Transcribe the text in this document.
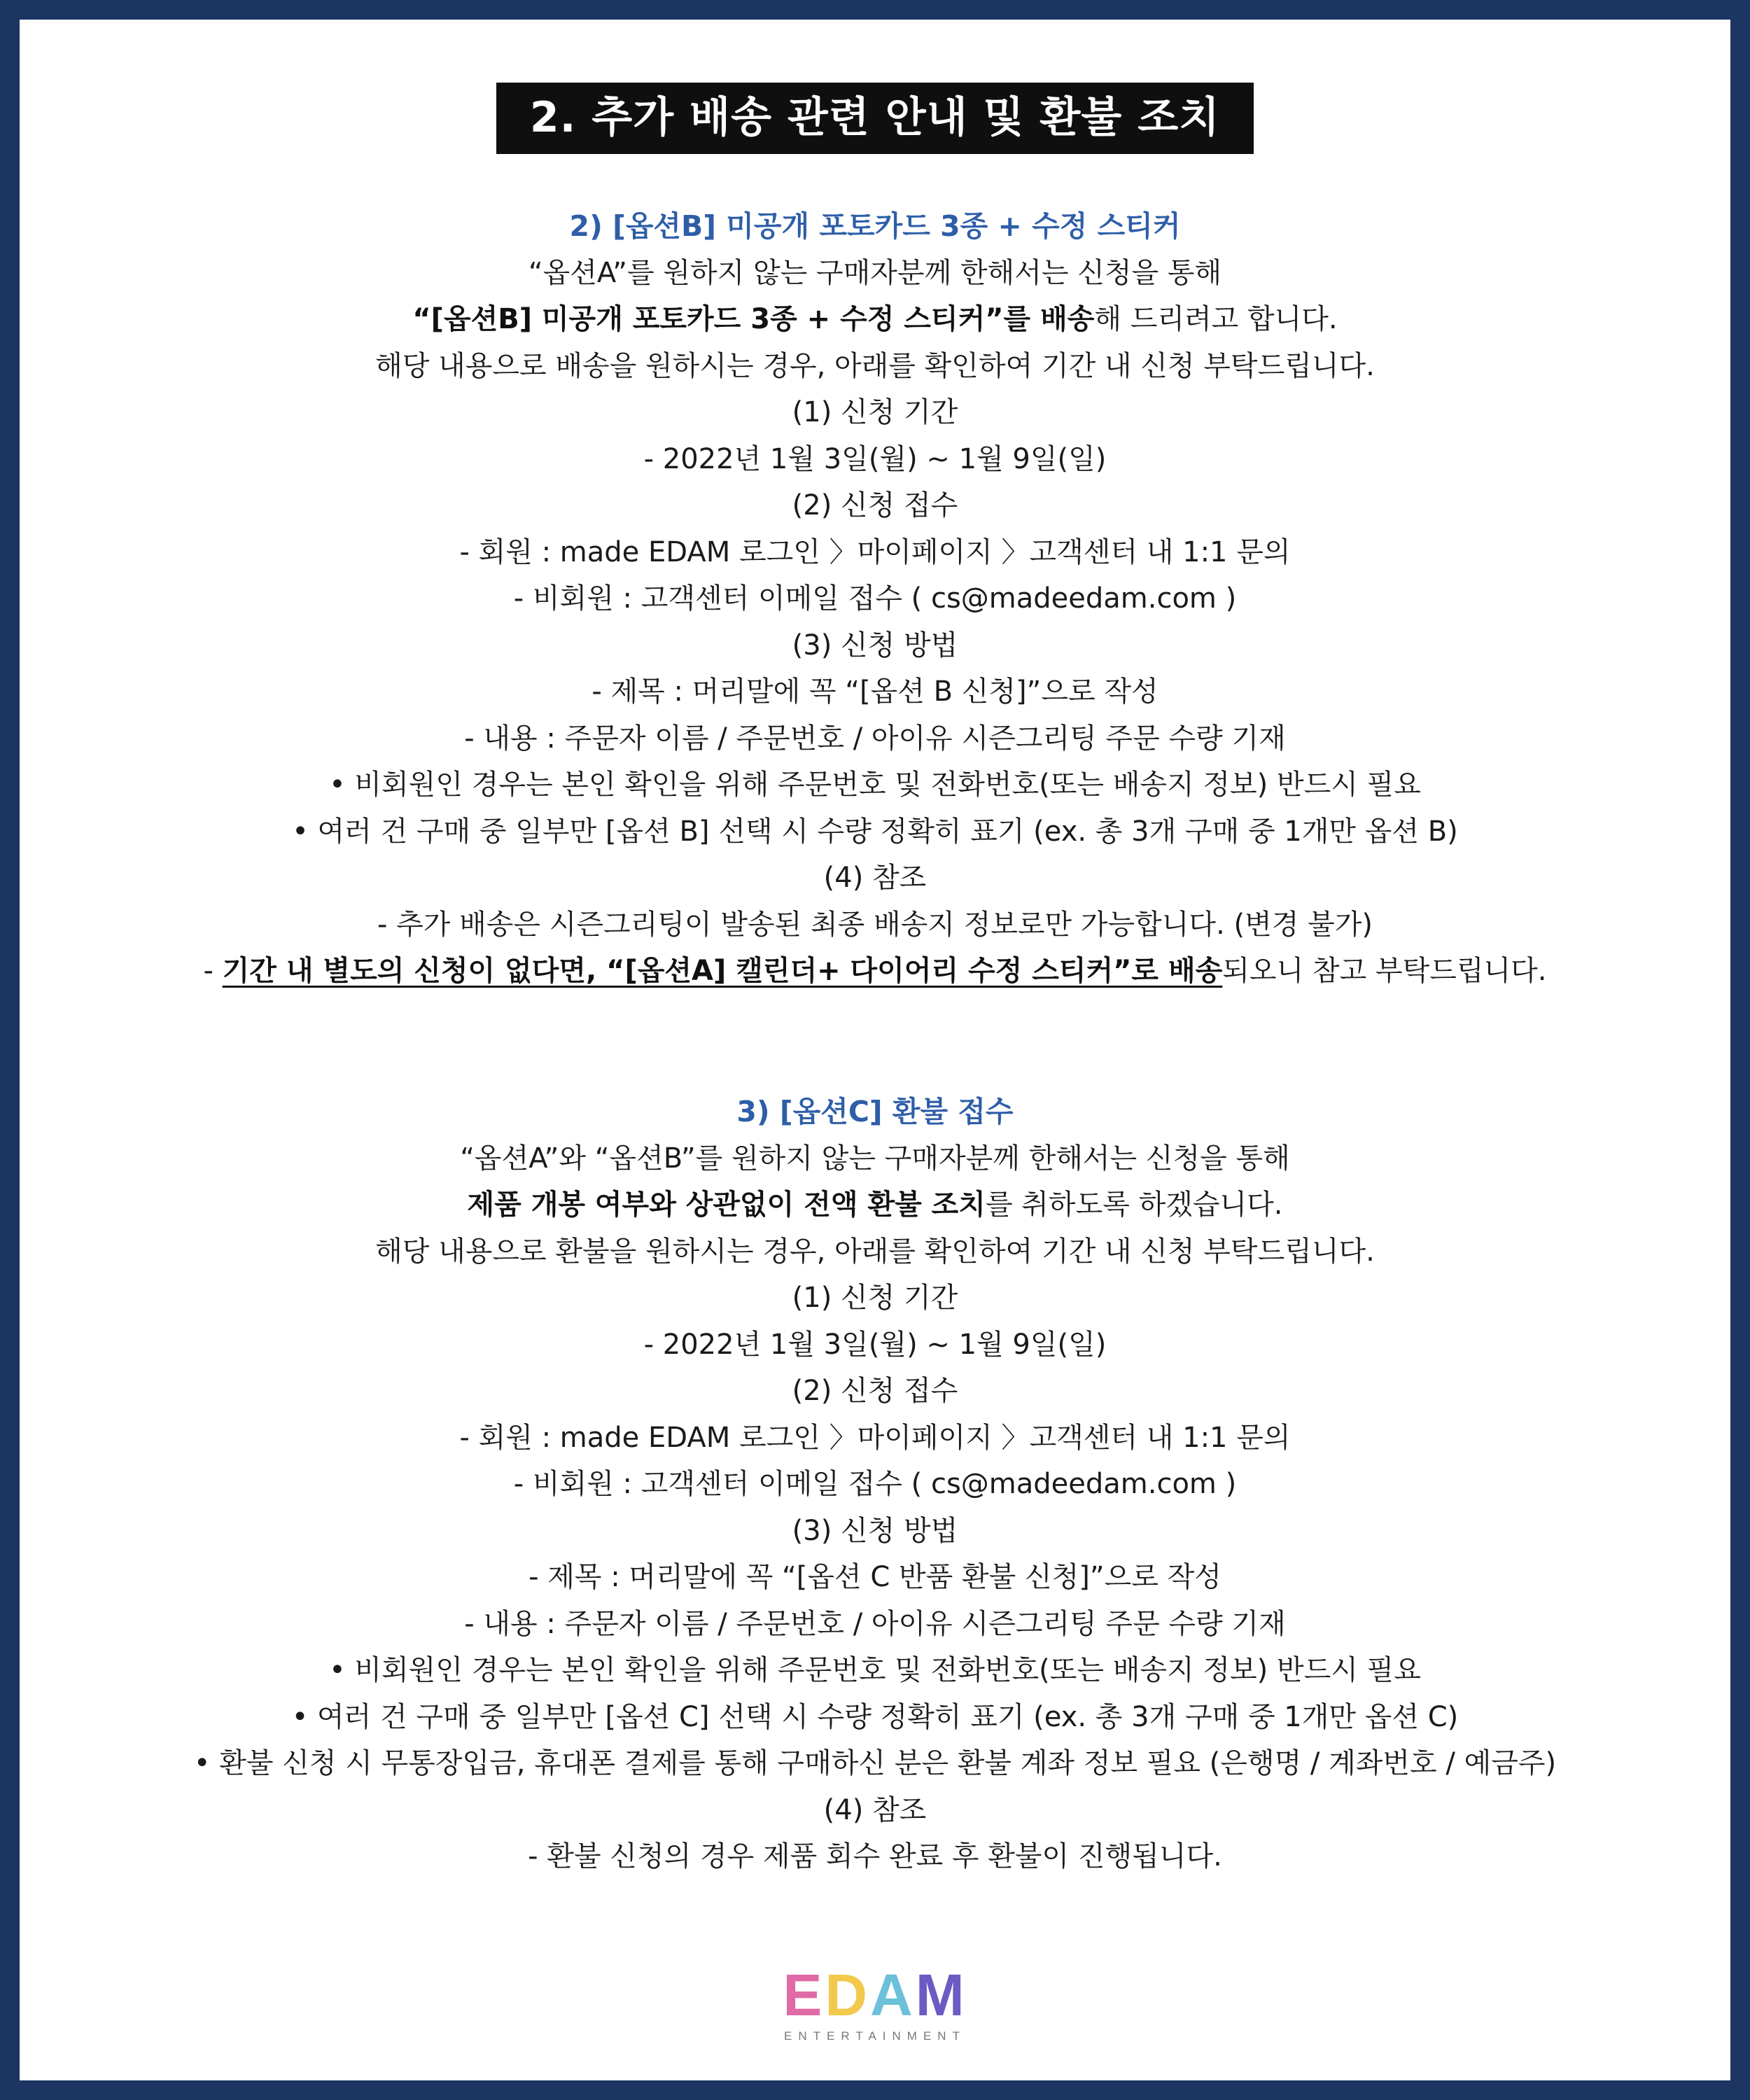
2. 추가 배송 관련 안내 및 환불 조치
2) [옵션B] 미공개 포토카드 3종 + 수정 스티커
“옵션A”를 원하지 않는 구매자분께 한해서는 신청을 통해
“[옵션B] 미공개 포토카드 3종 + 수정 스티커”를 배송해 드리려고 합니다.
해당 내용으로 배송을 원하시는 경우, 아래를 확인하여 기간 내 신청 부탁드립니다.
(1) 신청 기간
- 2022년 1월 3일(월) ~ 1월 9일(일)
(2) 신청 접수
- 회원 : made EDAM 로그인 〉마이페이지 〉고객센터 내 1:1 문의
- 비회원 : 고객센터 이메일 접수 ( cs@madeedam.com )
(3) 신청 방법
- 제목 : 머리말에 꼭 “[옵션 B 신청]”으로 작성
- 내용 : 주문자 이름 / 주문번호 / 아이유 시즌그리팅 주문 수량 기재
• 비회원인 경우는 본인 확인을 위해 주문번호 및 전화번호(또는 배송지 정보) 반드시 필요
• 여러 건 구매 중 일부만 [옵션 B] 선택 시 수량 정확히 표기 (ex. 총 3개 구매 중 1개만 옵션 B)
(4) 참조
- 추가 배송은 시즌그리팅이 발송된 최종 배송지 정보로만 가능합니다. (변경 불가)
- 기간 내 별도의 신청이 없다면, “[옵션A] 캘린더+ 다이어리 수정 스티커”로 배송되오니 참고 부탁드립니다.
3) [옵션C] 환불 접수
“옵션A”와 “옵션B”를 원하지 않는 구매자분께 한해서는 신청을 통해
제품 개봉 여부와 상관없이 전액 환불 조치를 취하도록 하겠습니다.
해당 내용으로 환불을 원하시는 경우, 아래를 확인하여 기간 내 신청 부탁드립니다.
(1) 신청 기간
- 2022년 1월 3일(월) ~ 1월 9일(일)
(2) 신청 접수
- 회원 : made EDAM 로그인 〉마이페이지 〉고객센터 내 1:1 문의
- 비회원 : 고객센터 이메일 접수 ( cs@madeedam.com )
(3) 신청 방법
- 제목 : 머리말에 꼭 “[옵션 C 반품 환불 신청]”으로 작성
- 내용 : 주문자 이름 / 주문번호 / 아이유 시즌그리팅 주문 수량 기재
• 비회원인 경우는 본인 확인을 위해 주문번호 및 전화번호(또는 배송지 정보) 반드시 필요
• 여러 건 구매 중 일부만 [옵션 C] 선택 시 수량 정확히 표기 (ex. 총 3개 구매 중 1개만 옵션 C)
• 환불 신청 시 무통장입금, 휴대폰 결제를 통해 구매하신 분은 환불 계좌 정보 필요 (은행명 / 계좌번호 / 예금주)
(4) 참조
- 환불 신청의 경우 제품 회수 완료 후 환불이 진행됩니다.
EDAM
ENTERTAINMENT
